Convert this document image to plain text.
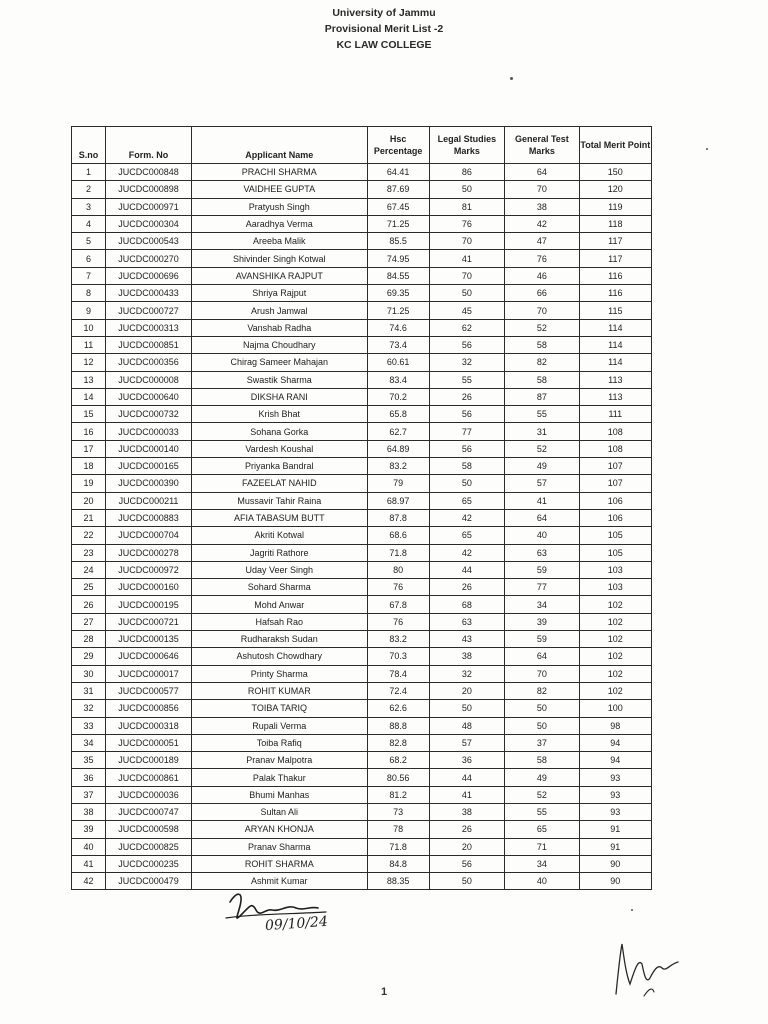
University of Jammu
Provisional Merit List -2
KC LAW COLLEGE
S.no	Form. No	Applicant Name	Hsc Percentage	Legal Studies Marks	General Test Marks	Total Merit Point
1	JUCDC000848	PRACHI SHARMA	64.41	86	64	150
2	JUCDC000898	VAIDHEE GUPTA	87.69	50	70	120
3	JUCDC000971	Pratyush Singh	67.45	81	38	119
4	JUCDC000304	Aaradhya Verma	71.25	76	42	118
5	JUCDC000543	Areeba Malik	85.5	70	47	117
6	JUCDC000270	Shivinder Singh Kotwal	74.95	41	76	117
7	JUCDC000696	AVANSHIKA RAJPUT	84.55	70	46	116
8	JUCDC000433	Shriya Rajput	69.35	50	66	116
9	JUCDC000727	Arush Jamwal	71.25	45	70	115
10	JUCDC000313	Vanshab Radha	74.6	62	52	114
11	JUCDC000851	Najma Choudhary	73.4	56	58	114
12	JUCDC000356	Chirag Sameer Mahajan	60.61	32	82	114
13	JUCDC000008	Swastik Sharma	83.4	55	58	113
14	JUCDC000640	DIKSHA RANI	70.2	26	87	113
15	JUCDC000732	Krish Bhat	65.8	56	55	111
16	JUCDC000033	Sohana Gorka	62.7	77	31	108
17	JUCDC000140	Vardesh Koushal	64.89	56	52	108
18	JUCDC000165	Priyanka Bandral	83.2	58	49	107
19	JUCDC000390	FAZEELAT NAHID	79	50	57	107
20	JUCDC000211	Mussavir Tahir Raina	68.97	65	41	106
21	JUCDC000883	AFIA TABASUM BUTT	87.8	42	64	106
22	JUCDC000704	Akriti Kotwal	68.6	65	40	105
23	JUCDC000278	Jagriti Rathore	71.8	42	63	105
24	JUCDC000972	Uday Veer Singh	80	44	59	103
25	JUCDC000160	Sohard Sharma	76	26	77	103
26	JUCDC000195	Mohd Anwar	67.8	68	34	102
27	JUCDC000721	Hafsah Rao	76	63	39	102
28	JUCDC000135	Rudharaksh Sudan	83.2	43	59	102
29	JUCDC000646	Ashutosh Chowdhary	70.3	38	64	102
30	JUCDC000017	Printy Sharma	78.4	32	70	102
31	JUCDC000577	ROHIT KUMAR	72.4	20	82	102
32	JUCDC000856	TOIBA TARIQ	62.6	50	50	100
33	JUCDC000318	Rupali Verma	88.8	48	50	98
34	JUCDC000051	Toiba Rafiq	82.8	57	37	94
35	JUCDC000189	Pranav Malpotra	68.2	36	58	94
36	JUCDC000861	Palak Thakur	80.56	44	49	93
37	JUCDC000036	Bhumi Manhas	81.2	41	52	93
38	JUCDC000747	Sultan Ali	73	38	55	93
39	JUCDC000598	ARYAN KHONJA	78	26	65	91
40	JUCDC000825	Pranav Sharma	71.8	20	71	91
41	JUCDC000235	ROHIT SHARMA	84.8	56	34	90
42	JUCDC000479	Ashmit Kumar	88.35	50	40	90
09/10/24
1
